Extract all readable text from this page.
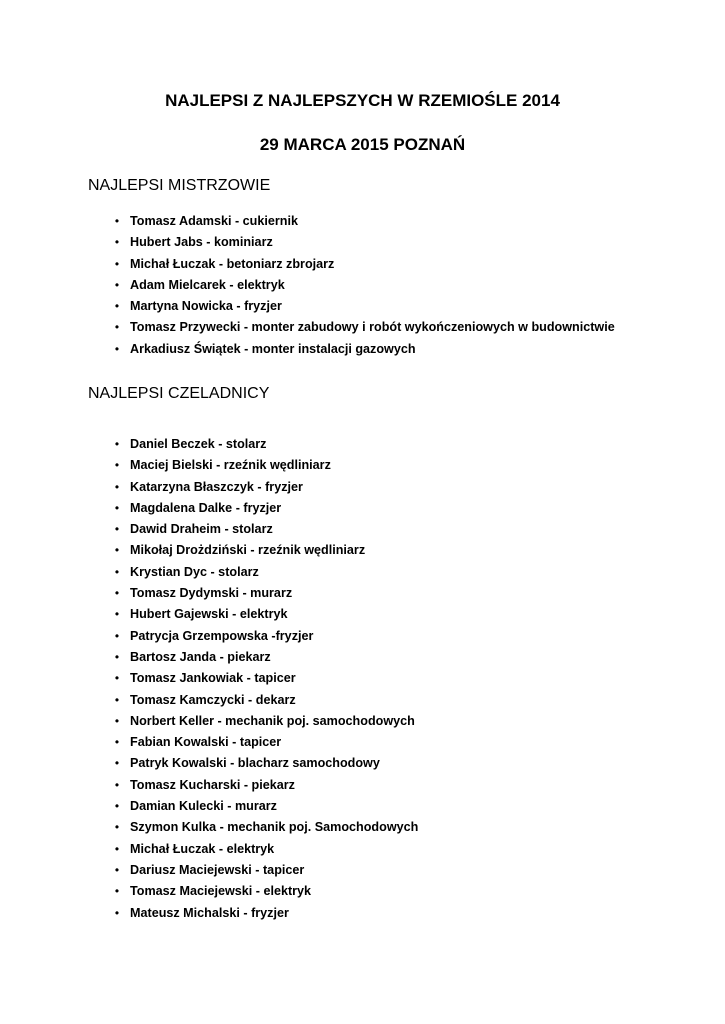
NAJLEPSI Z NAJLEPSZYCH W RZEMIOŚLE 2014
29 MARCA 2015 POZNAŃ
NAJLEPSI MISTRZOWIE
• Tomasz Adamski - cukiernik
• Hubert Jabs - kominiarz
• Michał Łuczak - betoniarz zbrojarz
• Adam Mielcarek - elektryk
• Martyna Nowicka - fryzjer
• Tomasz Przywecki - monter zabudowy i robót wykończeniowych w budownictwie
• Arkadiusz Świątek - monter instalacji gazowych
NAJLEPSI CZELADNICY
• Daniel Beczek - stolarz
• Maciej Bielski - rzeźnik wędliniarz
• Katarzyna Błaszczyk - fryzjer
• Magdalena Dalke - fryzjer
• Dawid Draheim - stolarz
• Mikołaj Drożdziński - rzeźnik wędliniarz
• Krystian Dyc - stolarz
• Tomasz Dydymski - murarz
• Hubert Gajewski - elektryk
• Patrycja Grzempowska -fryzjer
• Bartosz Janda - piekarz
• Tomasz Jankowiak - tapicer
• Tomasz Kamczycki - dekarz
• Norbert Keller - mechanik poj. samochodowych
• Fabian Kowalski - tapicer
• Patryk Kowalski - blacharz samochodowy
• Tomasz Kucharski - piekarz
• Damian Kulecki - murarz
• Szymon Kulka - mechanik poj. Samochodowych
• Michał Łuczak - elektryk
• Dariusz Maciejewski - tapicer
• Tomasz Maciejewski - elektryk
• Mateusz Michalski - fryzjer
